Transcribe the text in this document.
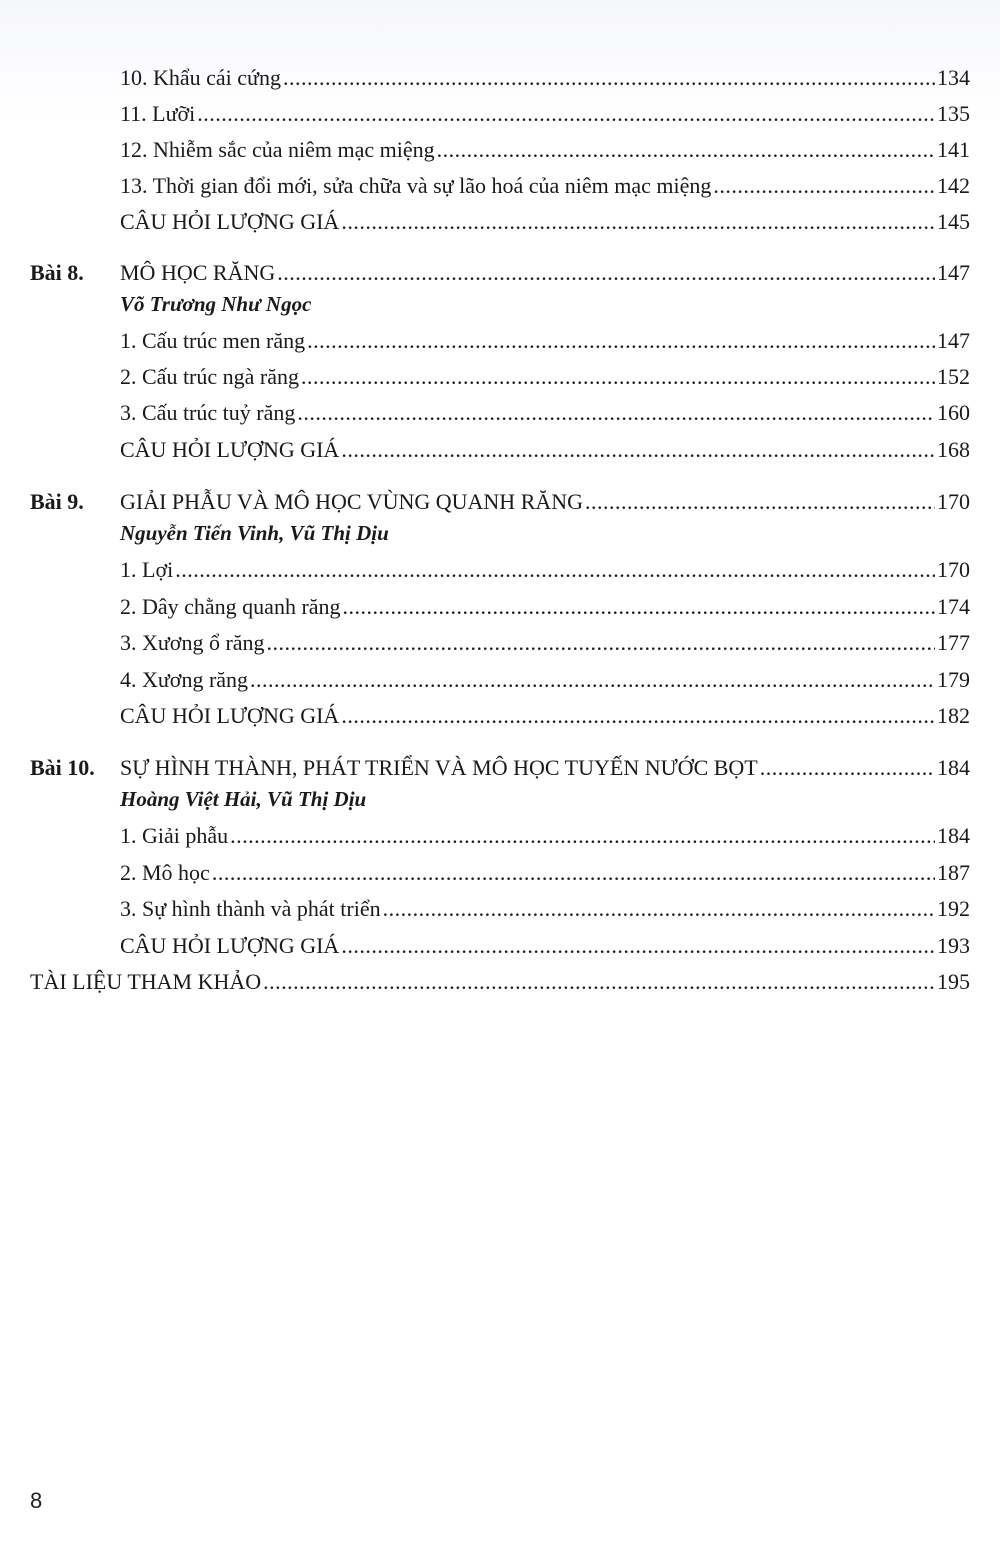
10. Khẩu cái cứng .....	134
11. Lưỡi .....	135
12. Nhiễm sắc của niêm mạc miệng .....	141
13. Thời gian đổi mới, sửa chữa và sự lão hoá của niêm mạc miệng .....	142
CÂU HỎI LƯỢNG GIÁ .....	145
Bài 8. MÔ HỌC RĂNG .....	147
Võ Trương Như Ngọc
1. Cấu trúc men răng .....	147
2. Cấu trúc ngà răng .....	152
3. Cấu trúc tuỷ răng .....	160
CÂU HỎI LƯỢNG GIÁ .....	168
Bài 9. GIẢI PHẪU VÀ MÔ HỌC VÙNG QUANH RĂNG .....	170
Nguyễn Tiến Vinh, Vũ Thị Dịu
1. Lợi .....	170
2. Dây chằng quanh răng .....	174
3. Xương ổ răng .....	177
4. Xương răng .....	179
CÂU HỎI LƯỢNG GIÁ .....	182
Bài 10. SỰ HÌNH THÀNH, PHÁT TRIỂN VÀ MÔ HỌC TUYẾN NƯỚC BỌT .....	184
Hoàng Việt Hải, Vũ Thị Dịu
1. Giải phẫu .....	184
2. Mô học .....	187
3. Sự hình thành và phát triển .....	192
CÂU HỎI LƯỢNG GIÁ .....	193
TÀI LIỆU THAM KHẢO .....	195
8
